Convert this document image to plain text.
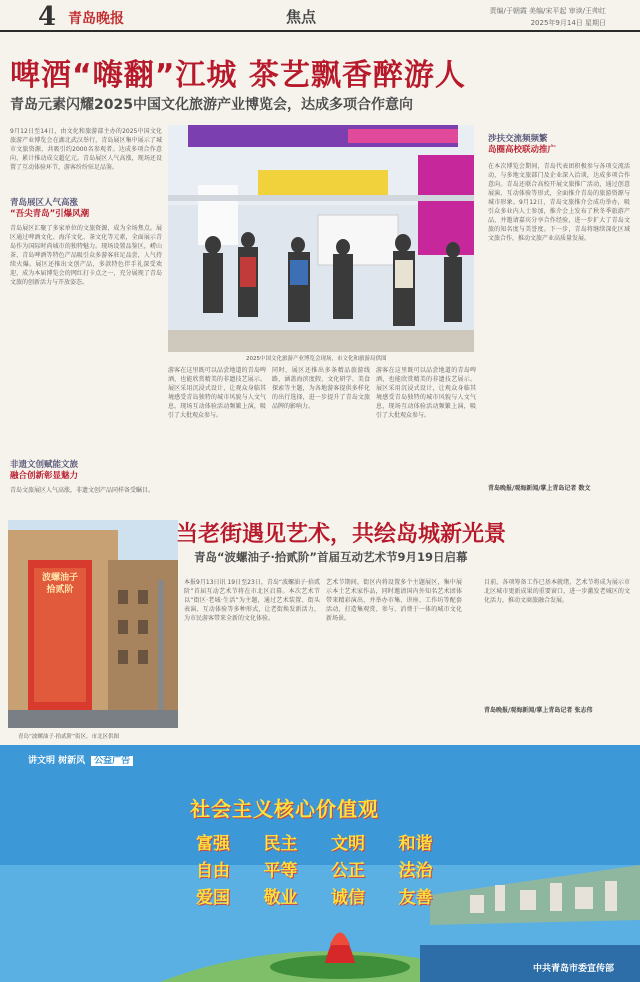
4 青岛晚报	焦点	责编/于朝霞 美编/宋平起 审读/王帅红
2025年9月14日 星期日
啤酒“嗨翻”江城 茶艺飘香醉游人
青岛元素闪耀2025中国文化旅游产业博览会，达成多项合作意向
9月12日至14日，由文化和旅游部主办的2025中国文化旅游产业博览会在湖北武汉举行，青岛展区集中展示了城市文旅资源，共吸引约2000名参观者。达成多项合作意向，累计推动成交超亿元。青岛展区人气高涨，现场还设置了互动体验环节，游客纷纷驻足品鉴。
青岛展区人气高涨
“吾尖青岛”引爆风潮
青岛展区汇聚了多家单位的文旅资源，成为全场焦点。展区通过啤酒文化、海洋文化、茶文化等元素，全面展示青岛作为国际时尚城市的独特魅力。现场设置品鉴区，崂山茶、青岛啤酒等特色产品吸引众多游客驻足品尝，人气持续火爆。展区还推出文创产品，多款特色伴手礼深受欢迎，成为本届博览会的网红打卡点之一，充分展现了青岛文旅的创新活力与开放姿态。
非遗文创赋能文旅
融合创新彰显魅力
青岛文旅展区人气高涨，非遗文创产品同样备受瞩目。
2025中国文化旅游产业博览会现场，市文化和旅游局供图
游客在这里既可以品尝地道的青岛啤酒，也能欣赏精美的非遗技艺展示。展区采用沉浸式设计，让观众身临其境感受青岛独特的城市风貌与人文气息，现场互动体验活动频繁上演，吸引了大批观众参与。
同时，展区还推出多条精品旅游线路，涵盖海滨度假、文化研学、美食探索等主题，为各地游客提供多样化的出行选择，进一步提升了青岛文旅品牌的影响力。
游客在这里既可以品尝地道的青岛啤酒，也能欣赏精美的非遗技艺展示。展区采用沉浸式设计，让观众身临其境感受青岛独特的城市风貌与人文气息，现场互动体验活动频繁上演，吸引了大批观众参与。
涉扶交流频频繁
岛圈高校联动推广
在本次博览会期间，青岛代表团积极参与各项交流活动，与多地文旅部门及企业深入洽谈，达成多项合作意向。青岛还联合高校开展文旅推广活动，通过创意展演、互动体验等形式，全面推介青岛的旅游资源与城市形象。9月12日，青岛文旅推介会成功举办，吸引众多业内人士参加，推介会上发布了秋冬季旅游产品，并邀请嘉宾分享合作经验，进一步扩大了青岛文旅的知名度与美誉度。下一步，青岛将继续深化区域文旅合作，推动文旅产业高质量发展。
青岛晚报/观海新闻/掌上青岛记者 数文
波螺油子
拾贰阶
青岛“波螺油子·拾贰阶”街区，市北区供图
当老街遇见艺术，共绘岛城新光景
青岛“波螺油子·拾贰阶”首届互动艺术节9月19日启幕
本报9月13日讯 19日至23日，青岛“波螺油子·拾贰阶”首届互动艺术节将在市北区启幕。本次艺术节以“街区·老城·生活”为主题，通过艺术装置、街头表演、互动体验等多种形式，让老街焕发新活力，为市民游客带来全新的文化体验。
艺术节期间，街区内将设置多个主题展区，集中展示本土艺术家作品，同时邀请国内外知名艺术团体带来精彩演出，并举办市集、讲座、工作坊等配套活动，打造集观赏、参与、消费于一体的城市文化新场景。
目前，各项筹备工作已基本就绪，艺术节将成为展示市北区城市更新成果的重要窗口，进一步激发老城区的文化活力，推动文商旅融合发展。
青岛晚报/观海新闻/掌上青岛记者 张志伟
讲文明 树新风 公益广告
社会主义核心价值观
富强	民主	文明	和谐
自由	平等	公正	法治
爱国	敬业	诚信	友善
中共青岛市委宣传部
